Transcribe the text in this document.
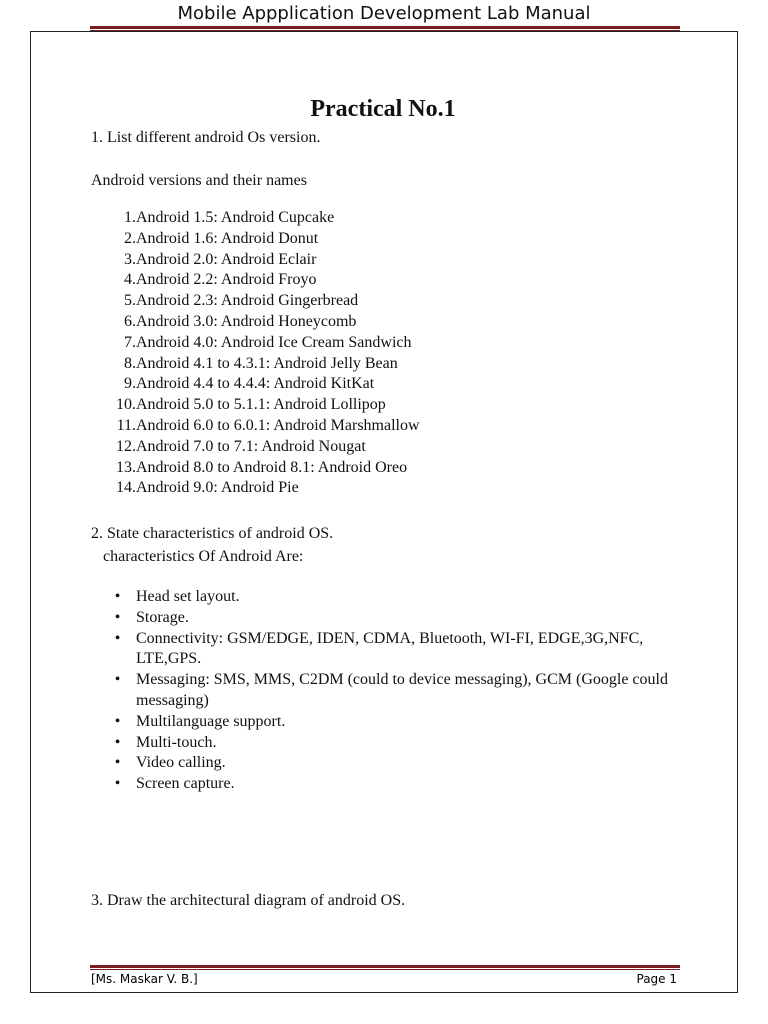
Mobile Appplication Development Lab Manual
Practical No.1
1. List different android Os version.
Android versions and their names
1. Android 1.5: Android Cupcake
2. Android 1.6: Android Donut
3. Android 2.0: Android Eclair
4. Android 2.2: Android Froyo
5. Android 2.3: Android Gingerbread
6. Android 3.0: Android Honeycomb
7. Android 4.0: Android Ice Cream Sandwich
8. Android 4.1 to 4.3.1: Android Jelly Bean
9. Android 4.4 to 4.4.4: Android KitKat
10. Android 5.0 to 5.1.1: Android Lollipop
11. Android 6.0 to 6.0.1: Android Marshmallow
12. Android 7.0 to 7.1: Android Nougat
13. Android 8.0 to Android 8.1: Android Oreo
14. Android 9.0: Android Pie
2. State characteristics of android OS.
characteristics Of Android Are:
• Head set layout.
• Storage.
• Connectivity: GSM/EDGE, IDEN, CDMA, Bluetooth, WI-FI, EDGE,3G,NFC, LTE,GPS.
• Messaging: SMS, MMS, C2DM (could to device messaging), GCM (Google could messaging)
• Multilanguage support.
• Multi-touch.
• Video calling.
• Screen capture.
3. Draw the architectural diagram of android OS.
[Ms. Maskar V. B.]	Page 1
